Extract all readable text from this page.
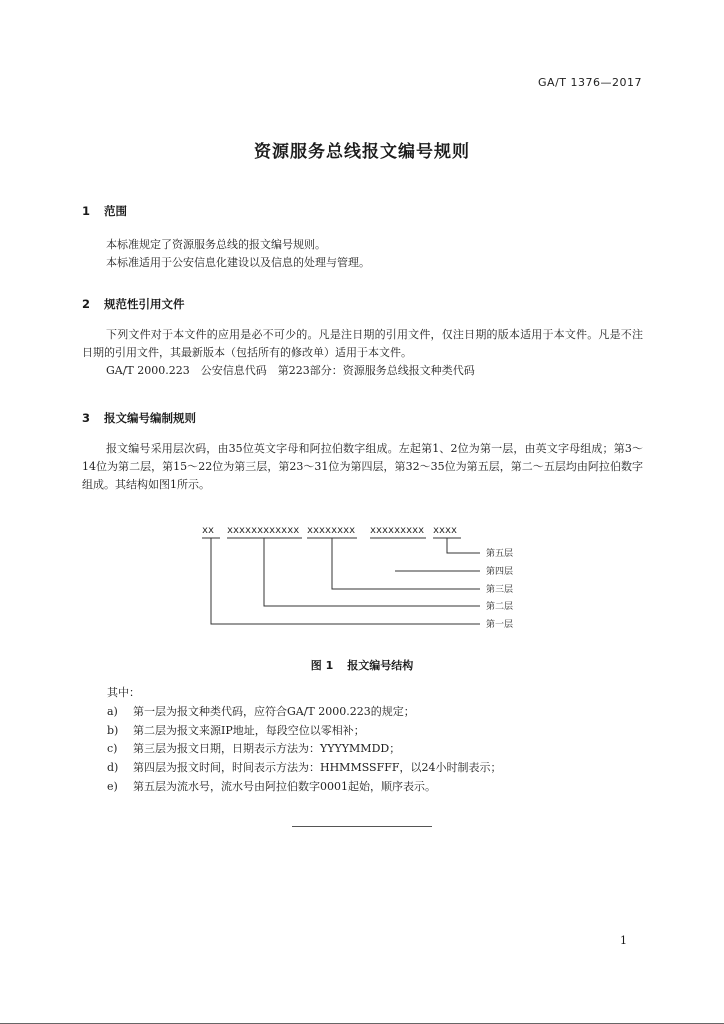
GA/T 1376—2017
资源服务总线报文编号规则
1 范围

本标准规定了资源服务总线的报文编号规则。

本标准适用于公安信息化建设以及信息的处理与管理。

2 规范性引用文件

下列文件对于本文件的应用是必不可少的。凡是注日期的引用文件，仅注日期的版本适用于本文件。凡是不注日期的引用文件，其最新版本（包括所有的修改单）适用于本文件。

GA/T 2000.223　公安信息代码　第223部分：资源服务总线报文种类代码

3 报文编号编制规则

报文编号采用层次码，由35位英文字母和阿拉伯数字组成。左起第1、2位为第一层，由英文字母组成；第3～14位为第二层，第15～22位为第三层，第23～31位为第四层，第32～35位为第五层，第二～五层均由阿拉伯数字组成。其结构如图1所示。

xx xxxxxxxxxxxx xxxxxxxx xxxxxxxxx xxxx
第五层
第四层
第三层
第二层
第一层
图 1 报文编号结构

其中：

a)	第一层为报文种类代码，应符合GA/T 2000.223的规定；
b)	第二层为报文来源IP地址，每段空位以零相补；
c)	第三层为报文日期，日期表示方法为：YYYYMMDD；
d)	第四层为报文时间，时间表示方法为：HHMMSSFFF，以24小时制表示；
e)	第五层为流水号，流水号由阿拉伯数字0001起始，顺序表示。
1
